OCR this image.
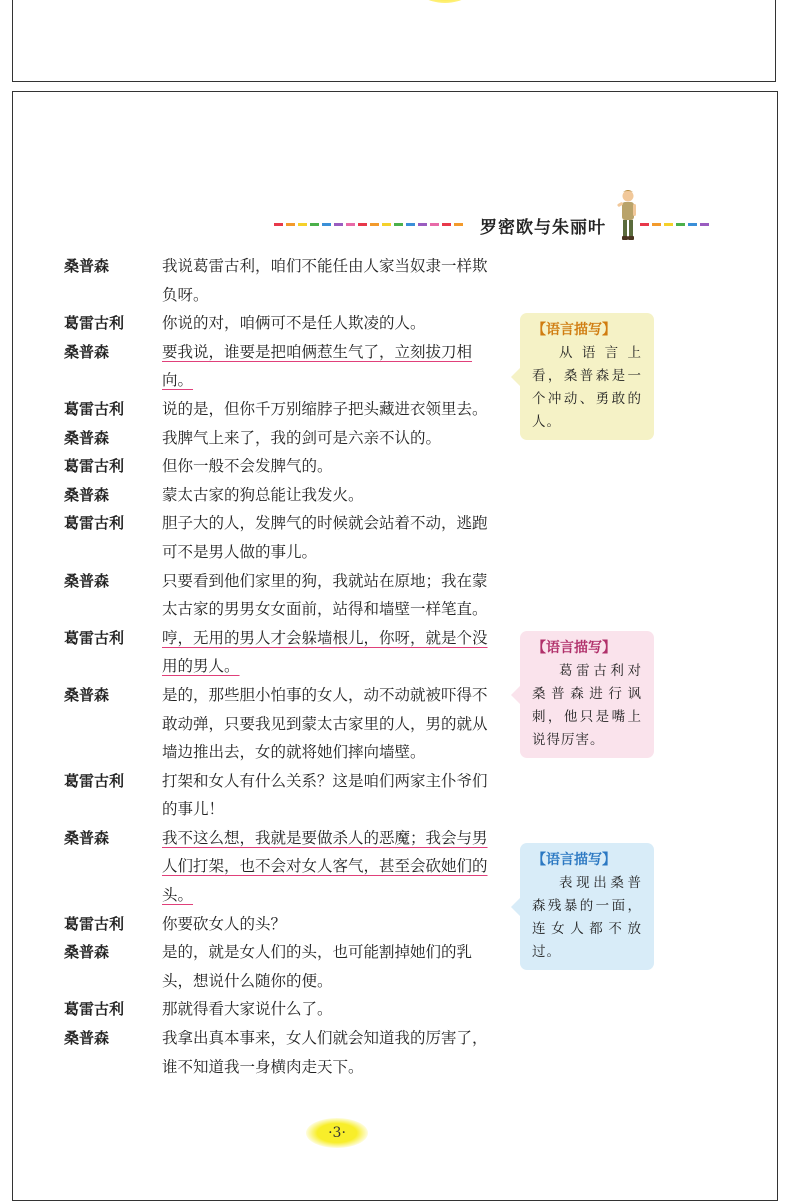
罗密欧与朱丽叶
桑普森	我说葛雷古利，咱们不能任由人家当奴隶一样欺负呀。
葛雷古利	你说的对，咱俩可不是任人欺凌的人。
桑普森	要我说，谁要是把咱俩惹生气了，立刻拔刀相向。
葛雷古利	说的是，但你千万别缩脖子把头藏进衣领里去。
桑普森	我脾气上来了，我的剑可是六亲不认的。
葛雷古利	但你一般不会发脾气的。
桑普森	蒙太古家的狗总能让我发火。
葛雷古利	胆子大的人，发脾气的时候就会站着不动，逃跑可不是男人做的事儿。
桑普森	只要看到他们家里的狗，我就站在原地；我在蒙太古家的男男女女面前，站得和墙壁一样笔直。
葛雷古利	哼，无用的男人才会躲墙根儿，你呀，就是个没用的男人。
桑普森	是的，那些胆小怕事的女人，动不动就被吓得不敢动弹，只要我见到蒙太古家里的人，男的就从墙边推出去，女的就将她们摔向墙壁。
葛雷古利	打架和女人有什么关系？这是咱们两家主仆爷们的事儿！
桑普森	我不这么想，我就是要做杀人的恶魔；我会与男人们打架，也不会对女人客气，甚至会砍她们的头。
葛雷古利	你要砍女人的头？
桑普森	是的，就是女人们的头，也可能割掉她们的乳头，想说什么随你的便。
葛雷古利	那就得看大家说什么了。
桑普森	我拿出真本事来，女人们就会知道我的厉害了，谁不知道我一身横肉走天下。
【语言描写】
从语言上看，桑普森是一个冲动、勇敢的人。
【语言描写】
葛雷古利对桑普森进行讽刺，他只是嘴上说得厉害。
【语言描写】
表现出桑普森残暴的一面，连女人都不放过。
·3·
